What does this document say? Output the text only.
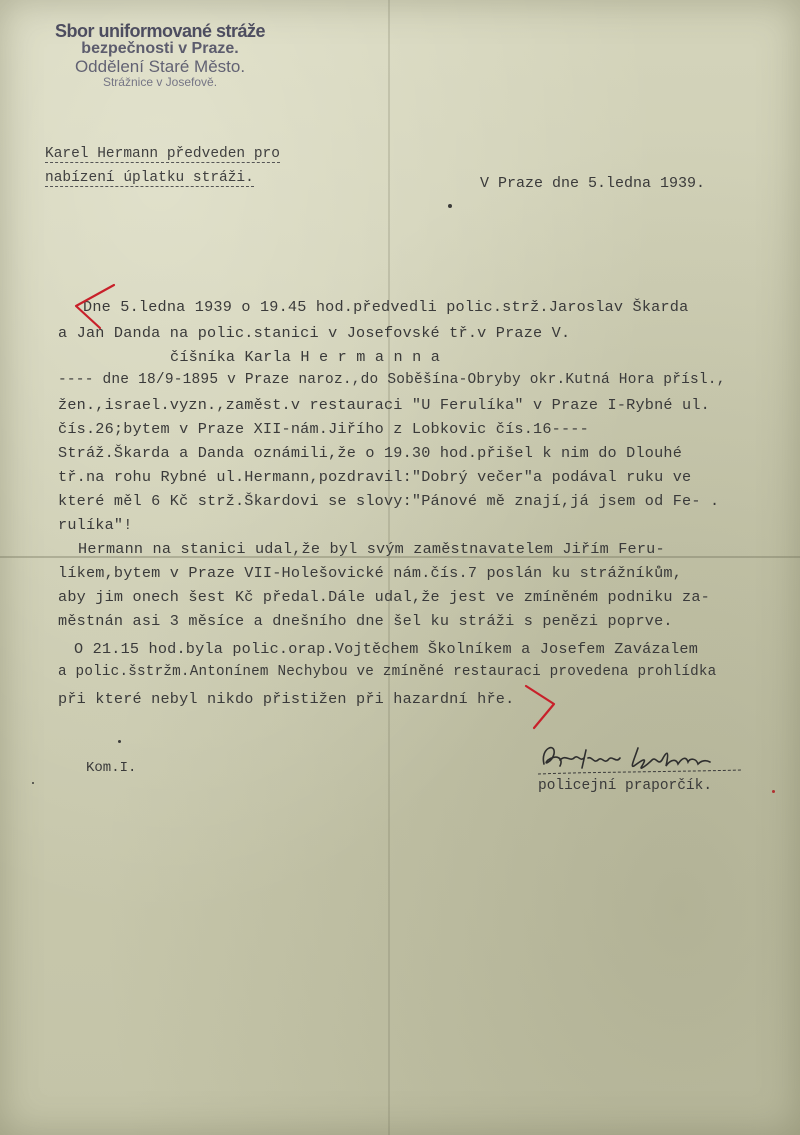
Sbor uniformované stráže
bezpečnosti v Praze.
Oddělení Staré Město.
Strážnice v Josefově.
Karel Hermann předveden pro
nabízení úplatku stráži.	V Praze dne 5.ledna 1939.
Dne 5.ledna 1939 o 19.45 hod.předvedli polic.strž.Jaroslav Škarda
a Jan Danda na polic.stanici v Josefovské tř.v Praze V.
číšníka Karla H e r m a n n a
---- dne 18/9-1895 v Praze naroz.,do Soběšína-Obryby okr.Kutná Hora přísl.,
žen.,israel.vyzn.,zaměst.v restauraci "U Ferulíka" v Praze I-Rybné ul.
čís.26;bytem v Praze XII-nám.Jiřího z Lobkovic čís.16----
Stráž.Škarda a Danda oznámili,že o 19.30 hod.přišel k nim do Dlouhé
tř.na rohu Rybné ul.Hermann,pozdravil:"Dobrý večer"a podával ruku ve
které měl 6 Kč strž.Škardovi se slovy:"Pánové mě znají,já jsem od Fe- .
rulíka"!
Hermann na stanici udal,že byl svým zaměstnavatelem Jiřím Feru-
líkem,bytem v Praze VII-Holešovické nám.čís.7 poslán ku strážníkům,
aby jim onech šest Kč předal.Dále udal,že jest ve zmíněném podniku za-
městnán asi 3 měsíce a dnešního dne šel ku stráži s penězi poprve.
O 21.15 hod.byla polic.orap.Vojtěchem Školníkem a Josefem Zavázalem
a polic.šstržm.Antonínem Nechybou ve zmíněné restauraci provedena prohlídka
při které nebyl nikdo přistižen při hazardní hře.
Kom.I.
policejní praporčík.
